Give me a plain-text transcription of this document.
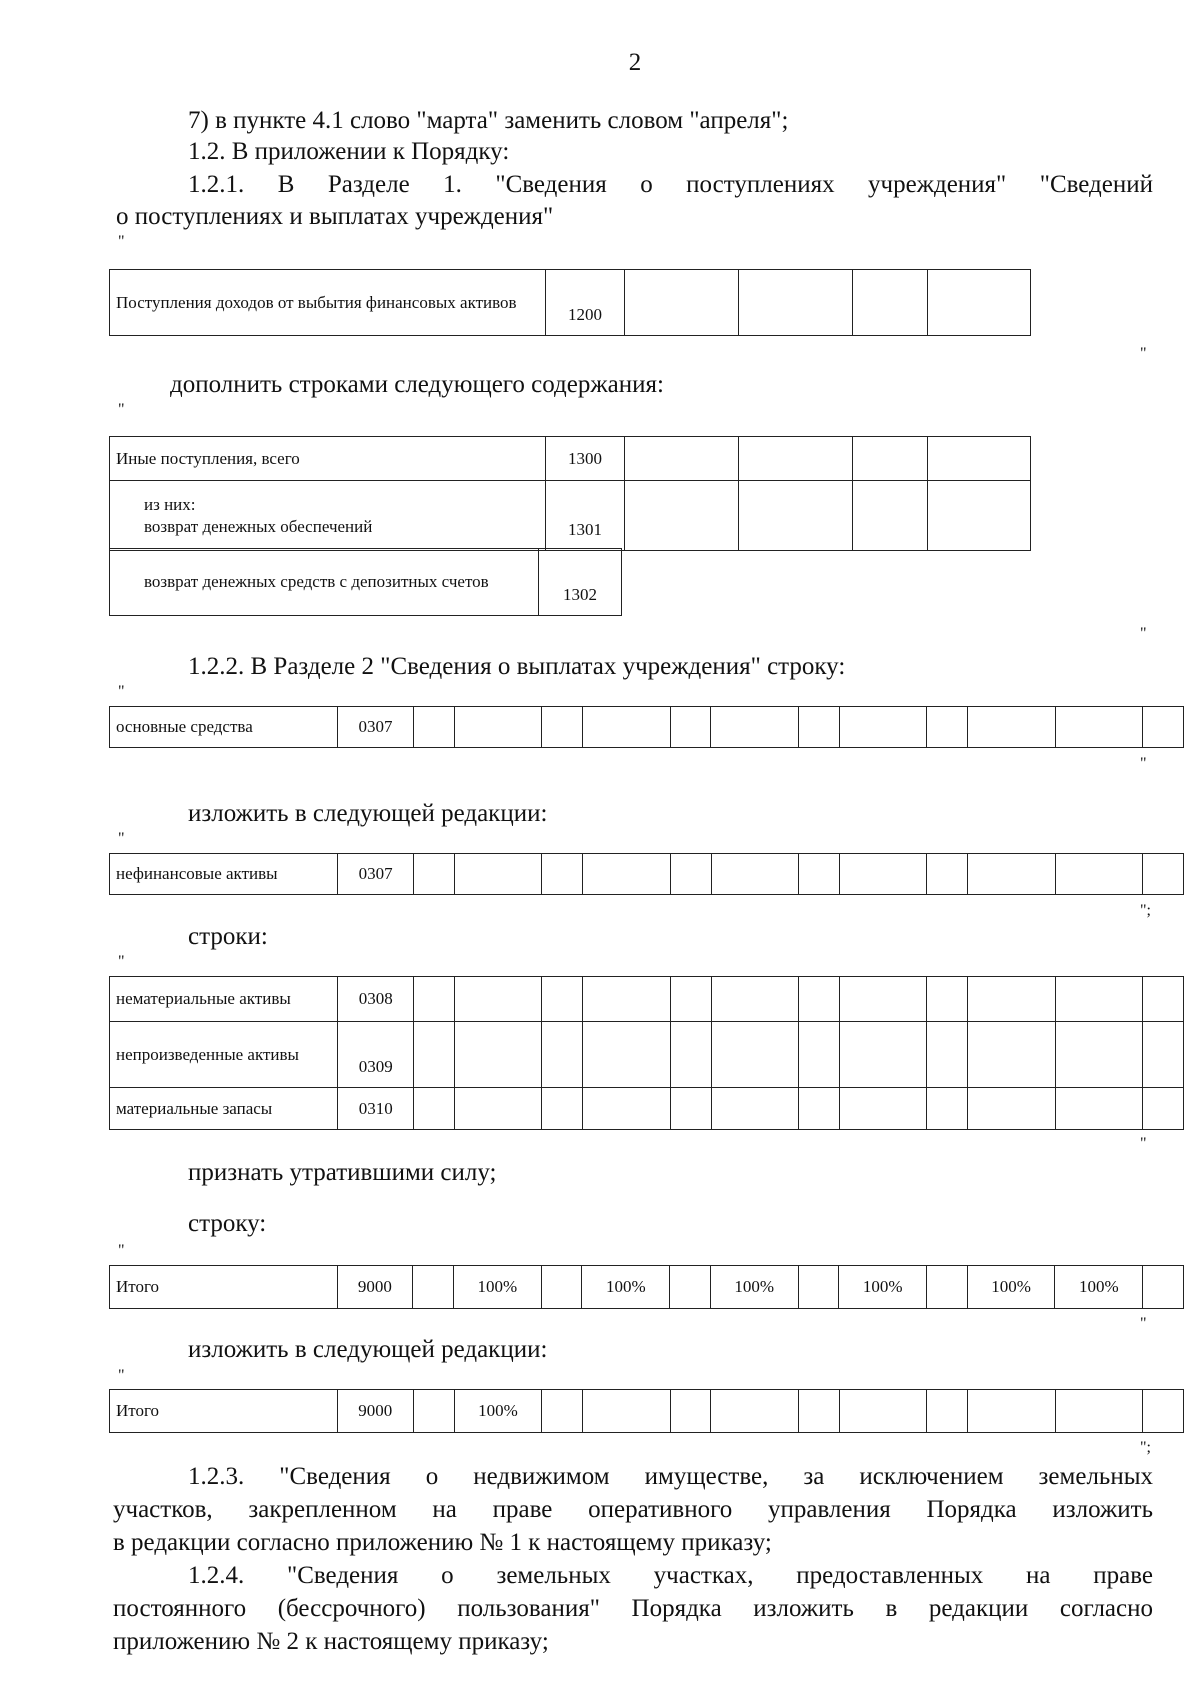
2
7) в пункте 4.1 слово "марта" заменить словом "апреля";
1.2. В приложении к Порядку:
1.2.1. В Разделе 1. "Сведения о поступлениях учреждения" "Сведений
о поступлениях и выплатах учреждения"
"
Поступления доходов от выбытия финансовых активов	1200				
"
дополнить строками следующего содержания:
"
Иные поступления, всего	1300				

из них:
возврат денежных обеспечений	1301				
возврат денежных средств с депозитных счетов	1302
"
1.2.2. В Разделе 2 "Сведения о выплатах учреждения" строку:
"
основные средства	0307												
"
изложить в следующей редакции:
"
нефинансовые активы	0307												
";
строки:
"
нематериальные активы	0308												
непроизведенные активы	0309												
материальные запасы	0310												
"
признать утратившими силу;
строку:
"
Итого	9000		100%		100%		100%		100%		100%	100%	
"
изложить в следующей редакции:
"
Итого	9000		100%										
";
1.2.3. "Сведения о недвижимом имуществе, за исключением земельных
участков, закрепленном на праве оперативного управления Порядка изложить
в редакции согласно приложению № 1 к настоящему приказу;
1.2.4. "Сведения о земельных участках, предоставленных на праве
постоянного (бессрочного) пользования" Порядка изложить в редакции согласно
приложению № 2 к настоящему приказу;
